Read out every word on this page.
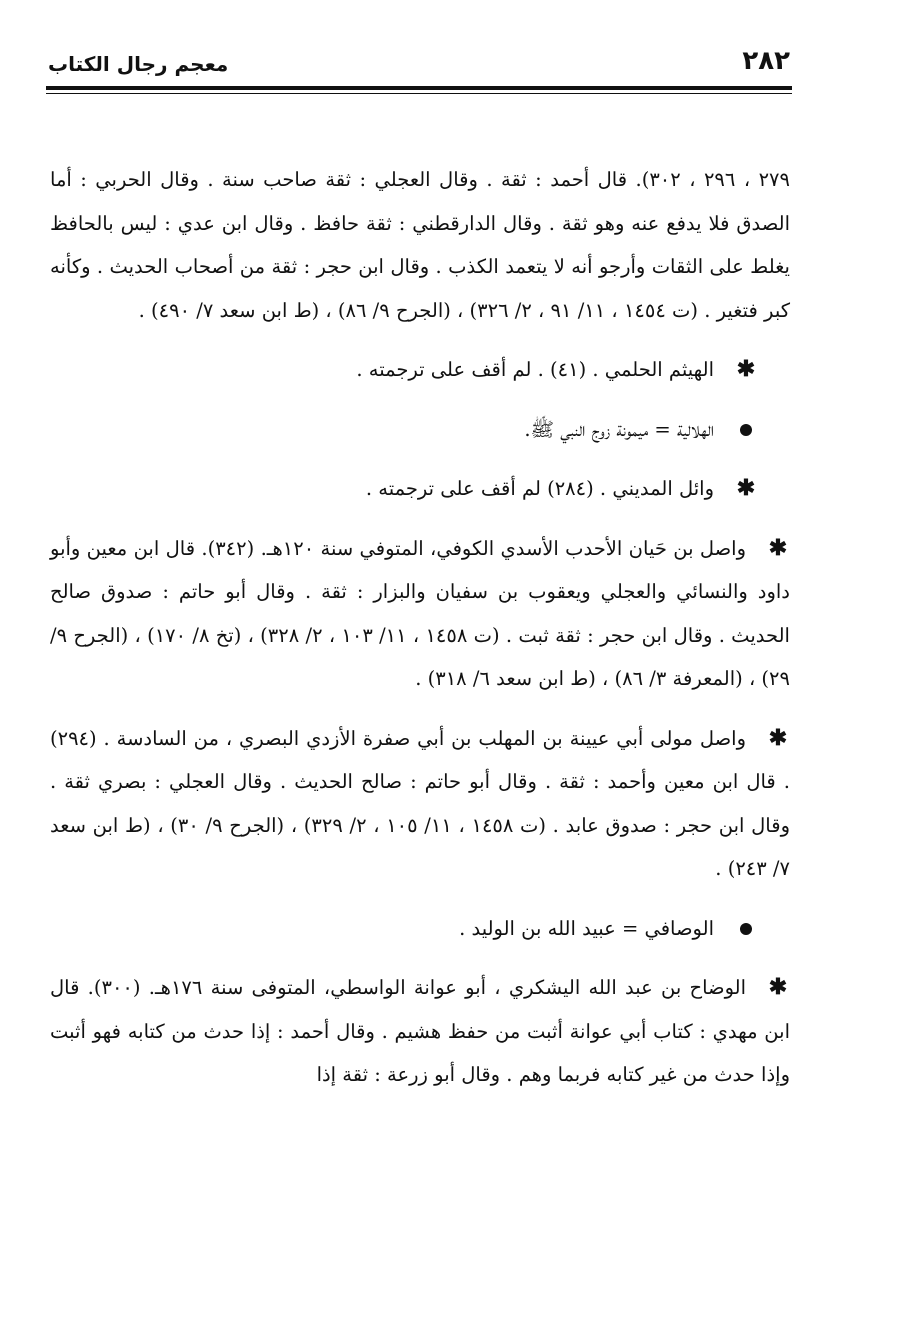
٢٨٢
معجم رجال الكتاب

٢٧٩ ، ٢٩٦ ، ٣٠٢). قال أحمد : ثقة . وقال العجلي : ثقة صاحب سنة . وقال الحربي : أما الصدق فلا يدفع عنه وهو ثقة . وقال الدارقطني : ثقة حافظ . وقال ابن عدي : ليس بالحافظ يغلط على الثقات وأرجو أنه لا يتعمد الكذب . وقال ابن حجر : ثقة من أصحاب الحديث . وكأنه كبر فتغير . (ت ١٤٥٤ ، ١١/ ٩١ ، ٢/ ٣٢٦) ، (الجرح ٩/ ٨٦) ، (ط ابن سعد ٧/ ٤٩٠) .

✱الهيثم الحلمي . (٤١) . لم أقف على ترجمته .

الهلالية = ميمونة زوج النبي ﷺ.

✱وائل المديني . (٢٨٤) لم أقف على ترجمته .

✱واصل بن حَيان الأحدب الأسدي الكوفي، المتوفي سنة ١٢٠هـ. (٣٤٢). قال ابن معين وأبو داود والنسائي والعجلي ويعقوب بن سفيان والبزار : ثقة . وقال أبو حاتم : صدوق صالح الحديث . وقال ابن حجر : ثقة ثبت . (ت ١٤٥٨ ، ١١/ ١٠٣ ، ٢/ ٣٢٨) ، (تخ ٨/ ١٧٠) ، (الجرح ٩/ ٢٩) ، (المعرفة ٣/ ٨٦) ، (ط ابن سعد ٦/ ٣١٨) .

✱واصل مولى أبي عيينة بن المهلب بن أبي صفرة الأزدي البصري ، من السادسة . (٢٩٤) . قال ابن معين وأحمد : ثقة . وقال أبو حاتم : صالح الحديث . وقال العجلي : بصري ثقة . وقال ابن حجر : صدوق عابد . (ت ١٤٥٨ ، ١١/ ١٠٥ ، ٢/ ٣٢٩) ، (الجرح ٩/ ٣٠) ، (ط ابن سعد ٧/ ٢٤٣) .

الوصافي = عبيد الله بن الوليد .

✱الوضاح بن عبد الله اليشكري ، أبو عوانة الواسطي، المتوفى سنة ١٧٦هـ. (٣٠٠). قال ابن مهدي : كتاب أبي عوانة أثبت من حفظ هشيم . وقال أحمد : إذا حدث من كتابه فهو أثبت وإذا حدث من غير كتابه فربما وهم . وقال أبو زرعة : ثقة إذا
